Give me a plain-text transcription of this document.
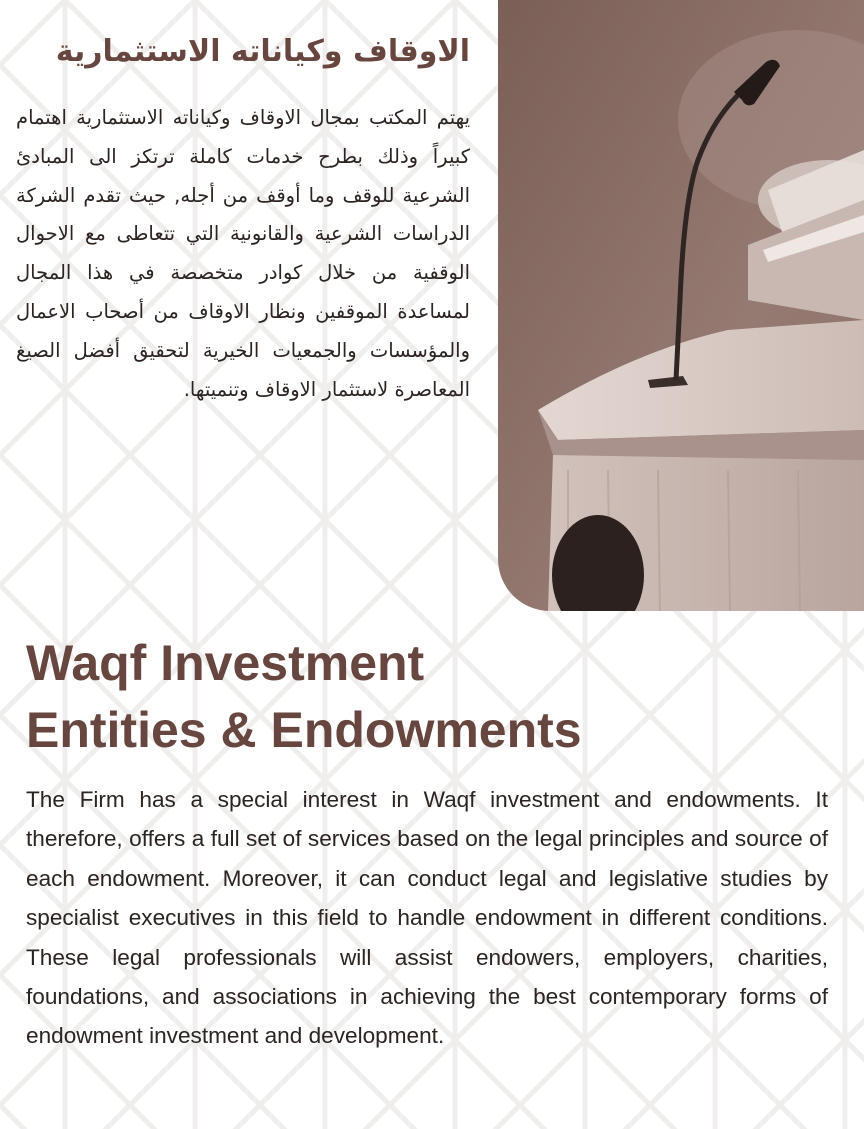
الاوقاف وكياناته الاستثمارية

يهتم المكتب بمجال الاوقاف وكياناته الاستثمارية اهتمام كبيراً وذلك بطرح خدمات كاملة ترتكز الى المبادئ الشرعية للوقف وما أوقف من أجله, حيث تقدم الشركة الدراسات الشرعية والقانونية التي تتعاطى مع الاحوال الوقفية من خلال كوادر متخصصة في هذا المجال لمساعدة الموقفين ونظار الاوقاف من أصحاب الاعمال والمؤسسات والجمعيات الخيرية لتحقيق أفضل الصيغ المعاصرة لاستثمار الاوقاف وتنميتها.

Waqf Investment
Entities & Endowments

The Firm has a special interest in Waqf investment and endowments. It therefore, offers a full set of services based on the legal principles and source of each endowment. Moreover, it can conduct legal and legislative studies by specialist executives in this field to handle endowment in different conditions. These legal professionals will assist endowers, employers, charities, foundations, and associations in achieving the best contemporary forms of endowment investment and development.
